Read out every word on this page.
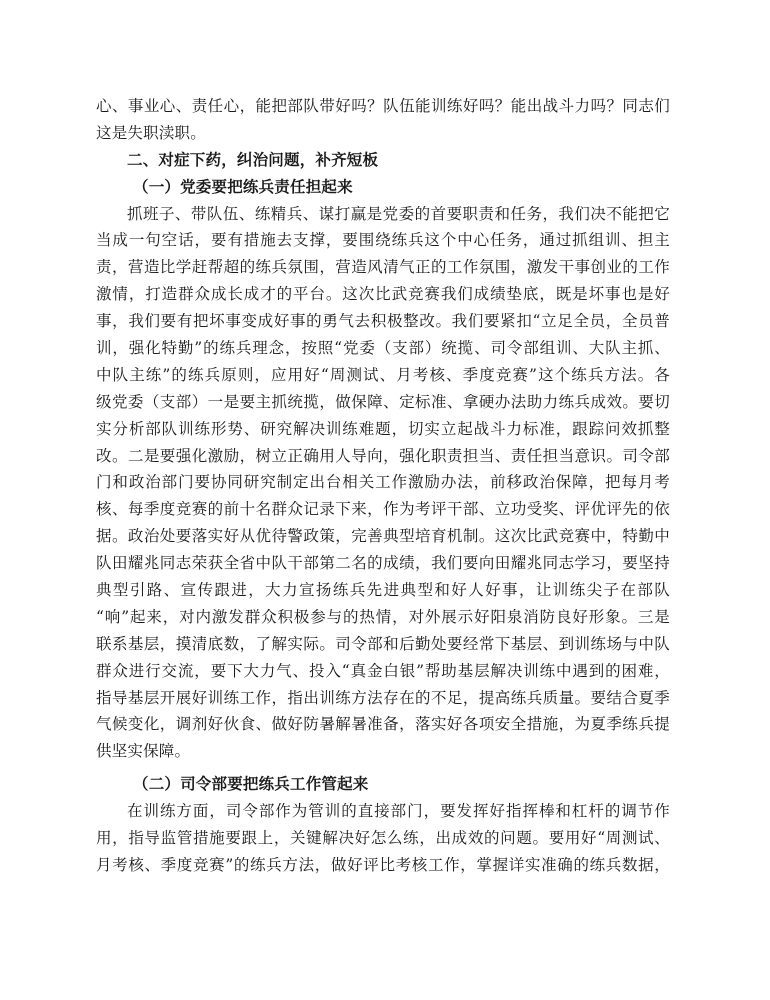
心、事业心、责任心，能把部队带好吗？队伍能训练好吗？能出战斗力吗？同志们
这是失职渎职。
二、对症下药，纠治问题，补齐短板
（一）党委要把练兵责任担起来
抓班子、带队伍、练精兵、谋打赢是党委的首要职责和任务，我们决不能把它
当成一句空话，要有措施去支撑，要围绕练兵这个中心任务，通过抓组训、担主
责，营造比学赶帮超的练兵氛围，营造风清气正的工作氛围，激发干事创业的工作
激情，打造群众成长成才的平台。这次比武竞赛我们成绩垫底，既是坏事也是好
事，我们要有把坏事变成好事的勇气去积极整改。我们要紧扣“立足全员，全员普
训，强化特勤”的练兵理念，按照“党委（支部）统揽、司令部组训、大队主抓、
中队主练”的练兵原则，应用好“周测试、月考核、季度竞赛”这个练兵方法。各
级党委（支部）一是要主抓统揽，做保障、定标准、拿硬办法助力练兵成效。要切
实分析部队训练形势、研究解决训练难题，切实立起战斗力标准，跟踪问效抓整
改。二是要强化激励，树立正确用人导向，强化职责担当、责任担当意识。司令部
门和政治部门要协同研究制定出台相关工作激励办法，前移政治保障，把每月考
核、每季度竞赛的前十名群众记录下来，作为考评干部、立功受奖、评优评先的依
据。政治处要落实好从优待警政策，完善典型培育机制。这次比武竞赛中，特勤中
队田耀兆同志荣获全省中队干部第二名的成绩，我们要向田耀兆同志学习，要坚持
典型引路、宣传跟进，大力宣扬练兵先进典型和好人好事，让训练尖子在部队
“响”起来，对内激发群众积极参与的热情，对外展示好阳泉消防良好形象。三是
联系基层，摸清底数，了解实际。司令部和后勤处要经常下基层、到训练场与中队
群众进行交流，要下大力气、投入“真金白银”帮助基层解决训练中遇到的困难，
指导基层开展好训练工作，指出训练方法存在的不足，提高练兵质量。要结合夏季
气候变化，调剂好伙食、做好防暑解暑准备，落实好各项安全措施，为夏季练兵提
供坚实保障。
（二）司令部要把练兵工作管起来
在训练方面，司令部作为管训的直接部门，要发挥好指挥棒和杠杆的调节作
用，指导监管措施要跟上，关键解决好怎么练，出成效的问题。要用好“周测试、
月考核、季度竞赛”的练兵方法，做好评比考核工作，掌握详实准确的练兵数据，
